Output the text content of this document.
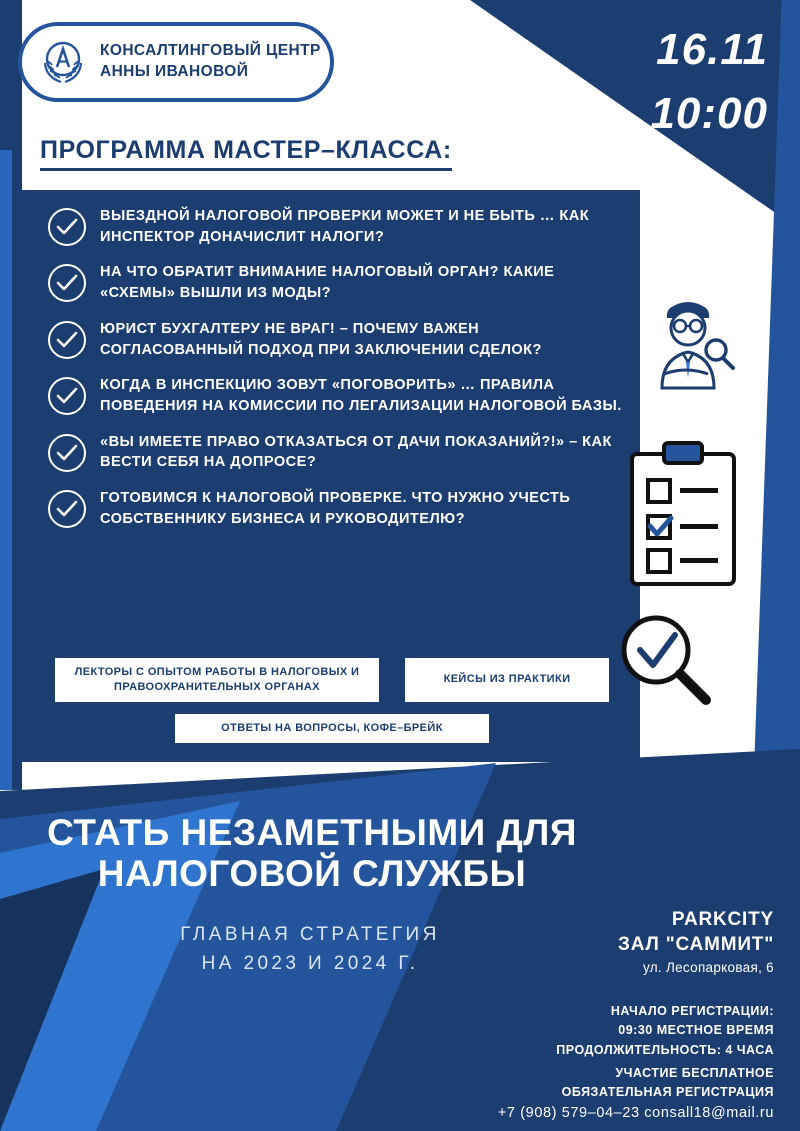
КОНСАЛТИНГОВЫЙ ЦЕНТР
АННЫ ИВАНОВОЙ	16.11
10:00
ПРОГРАММА МАСТЕР–КЛАССА:
ВЫЕЗДНОЙ НАЛОГОВОЙ ПРОВЕРКИ МОЖЕТ И НЕ БЫТЬ … КАК ИНСПЕКТОР ДОНАЧИСЛИТ НАЛОГИ?
НА ЧТО ОБРАТИТ ВНИМАНИЕ НАЛОГОВЫЙ ОРГАН? КАКИЕ «СХЕМЫ» ВЫШЛИ ИЗ МОДЫ?
ЮРИСТ БУХГАЛТЕРУ НЕ ВРАГ! – ПОЧЕМУ ВАЖЕН СОГЛАСОВАННЫЙ ПОДХОД ПРИ ЗАКЛЮЧЕНИИ СДЕЛОК?
КОГДА В ИНСПЕКЦИЮ ЗОВУТ «ПОГОВОРИТЬ» … ПРАВИЛА ПОВЕДЕНИЯ НА КОМИССИИ ПО ЛЕГАЛИЗАЦИИ НАЛОГОВОЙ БАЗЫ.
«ВЫ ИМЕЕТЕ ПРАВО ОТКАЗАТЬСЯ ОТ ДАЧИ ПОКАЗАНИЙ?!» – КАК ВЕСТИ СЕБЯ НА ДОПРОСЕ?
ГОТОВИМСЯ К НАЛОГОВОЙ ПРОВЕРКЕ. ЧТО НУЖНО УЧЕСТЬ СОБСТВЕННИКУ БИЗНЕСА И РУКОВОДИТЕЛЮ?
ЛЕКТОРЫ С ОПЫТОМ РАБОТЫ В НАЛОГОВЫХ И ПРАВООХРАНИТЕЛЬНЫХ ОРГАНАХ
КЕЙСЫ ИЗ ПРАКТИКИ
ОТВЕТЫ НА ВОПРОСЫ, КОФЕ–БРЕЙК
СТАТЬ НЕЗАМЕТНЫМИ ДЛЯ
НАЛОГОВОЙ СЛУЖБЫ
ГЛАВНАЯ СТРАТЕГИЯ
НА 2023 И 2024 Г.
PARKCITY
ЗАЛ "САММИТ"
ул. Лесопарковая, 6
НАЧАЛО РЕГИСТРАЦИИ:
09:30 МЕСТНОЕ ВРЕМЯ
ПРОДОЛЖИТЕЛЬНОСТЬ: 4 ЧАСА
УЧАСТИЕ БЕСПЛАТНОЕ
ОБЯЗАТЕЛЬНАЯ РЕГИСТРАЦИЯ
+7 (908) 579–04–23 consall18@mail.ru
